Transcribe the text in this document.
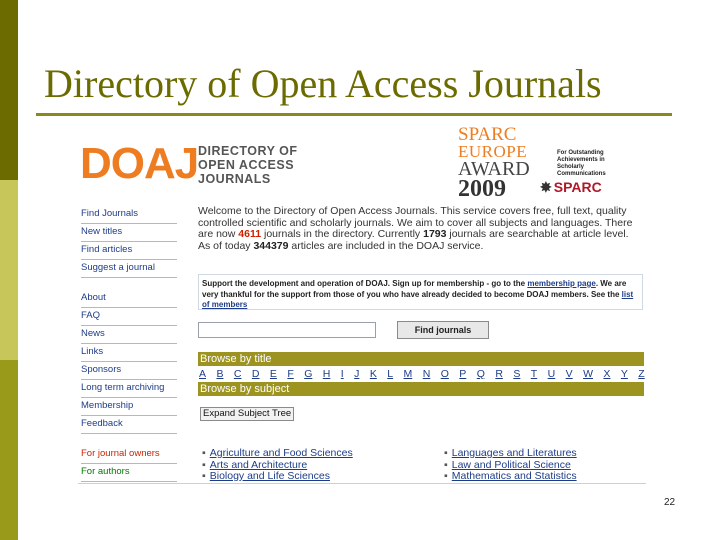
Directory of Open Access Journals
DOAJ DIRECTORY OF
OPEN ACCESS
JOURNALS
SPARC
EUROPE
AWARD
2009
For Outstanding Achievements in Scholarly Communications
✸ SPARC
Find Journals
New titles
Find articles
Suggest a journal
About
FAQ
News
Links
Sponsors
Long term archiving
Membership
Feedback
For journal owners
For authors
Welcome to the Directory of Open Access Journals. This service covers free, full text, quality controlled scientific and scholarly journals. We aim to cover all subjects and languages. There are now 4611 journals in the directory. Currently 1793 journals are searchable at article level. As of today 344379 articles are included in the DOAJ service.
Support the development and operation of DOAJ. Sign up for membership - go to the membership page. We are very thankful for the support from those of you who have already decided to become DOAJ members. See the list of members
Find journals
Browse by title
A B C D E F G H I J K L M N O P Q R S T U V W X Y Z
Browse by subject
Expand Subject Tree
▪ Agriculture and Food Sciences
▪ Arts and Architecture
▪ Biology and Life Sciences
▪ Languages and Literatures
▪ Law and Political Science
▪ Mathematics and Statistics
22
